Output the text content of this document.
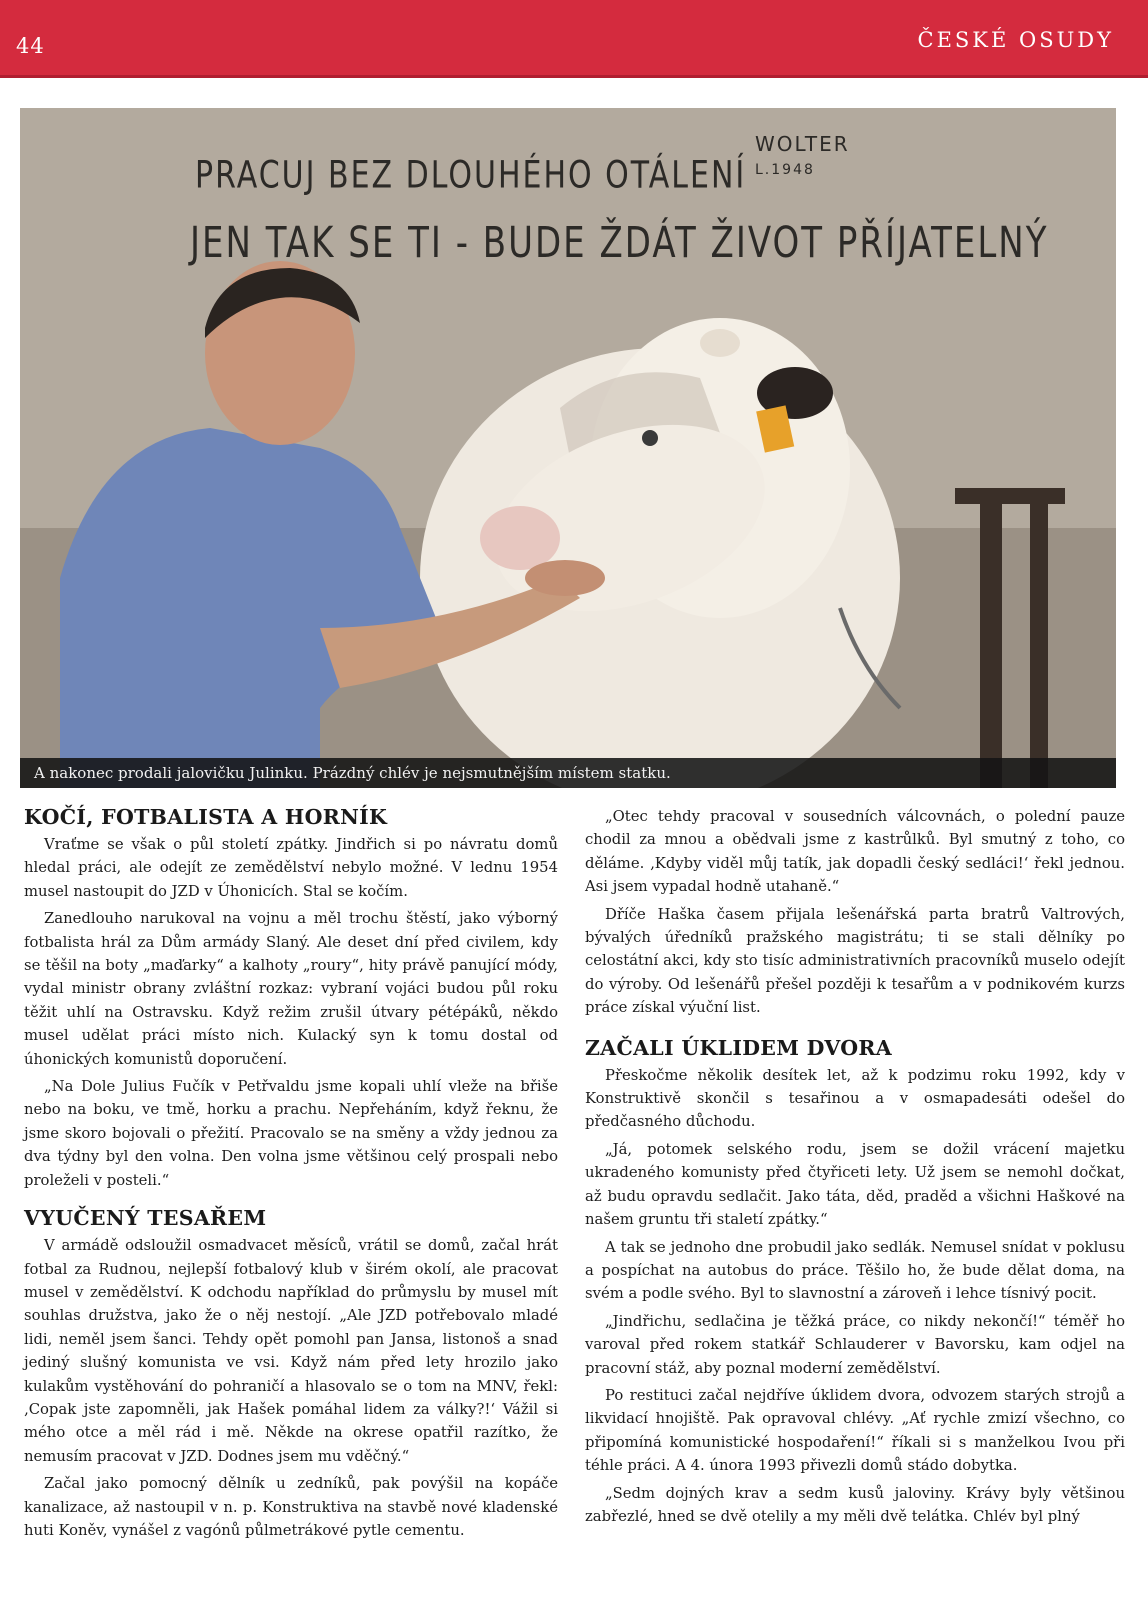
44	ČESKÉ OSUDY
PRACUJ BEZ DLOUHÉHO OTÁLENÍ
JEN TAK SE TI - BUDE ŽDÁT ŽIVOT PŘÍJATELNÝ
WOLTER
L.1948
A nakonec prodali jalovičku Julinku. Prázdný chlév je nejsmutnějším místem statku.
KOČÍ, FOTBALISTA A HORNÍK

Vraťme se však o půl století zpátky. Jindřich si po návratu domů hledal práci, ale odejít ze zemědělství nebylo možné. V lednu 1954 musel nastoupit do JZD v Úhonicích. Stal se kočím.

Zanedlouho narukoval na vojnu a měl trochu štěstí, jako výborný fotbalista hrál za Dům armády Slaný. Ale deset dní před civilem, kdy se těšil na boty „maďarky“ a kalhoty „roury“, hity právě panující módy, vydal ministr obrany zvláštní rozkaz: vybraní vojáci budou půl roku těžit uhlí na Ostravsku. Když režim zrušil útvary pétépáků, někdo musel udělat práci místo nich. Kulacký syn k tomu dostal od úhonických komunistů doporučení.

„Na Dole Julius Fučík v Petřvaldu jsme kopali uhlí vleže na břiše nebo na boku, ve tmě, horku a prachu. Nepřeháním, když řeknu, že jsme skoro bojovali o přežití. Pracovalo se na směny a vždy jednou za dva týdny byl den volna. Den volna jsme většinou celý prospali nebo proleželi v posteli.“

VYUČENÝ TESAŘEM

V armádě odsloužil osmadvacet měsíců, vrátil se domů, začal hrát fotbal za Rudnou, nejlepší fotbalový klub v širém okolí, ale pracovat musel v zemědělství. K odchodu například do průmyslu by musel mít souhlas družstva, jako že o něj nestojí. „Ale JZD potřebovalo mladé lidi, neměl jsem šanci. Tehdy opět pomohl pan Jansa, listonoš a snad jediný slušný komunista ve vsi. Když nám před lety hrozilo jako kulakům vystěhování do pohraničí a hlasovalo se o tom na MNV, řekl: ‚Copak jste zapomněli, jak Hašek pomáhal lidem za války?!‘ Vážil si mého otce a měl rád i mě. Někde na okrese opatřil razítko, že nemusím pracovat v JZD. Dodnes jsem mu vděčný.“

Začal jako pomocný dělník u zedníků, pak povýšil na kopáče kanalizace, až nastoupil v n. p. Konstruktiva na stavbě nové kladenské huti Koněv, vynášel z vagónů půlmetrákové pytle cementu.

„Otec tehdy pracoval v sousedních válcovnách, o polední pauze chodil za mnou a obědvali jsme z kastrůlků. Byl smutný z toho, co děláme. ‚Kdyby viděl můj tatík, jak dopadli český sedláci!‘ řekl jednou. Asi jsem vypadal hodně utahaně.“

Dříče Haška časem přijala lešenářská parta bratrů Valtrových, bývalých úředníků pražského magistrátu; ti se stali dělníky po celostátní akci, kdy sto tisíc administrativních pracovníků muselo odejít do výroby. Od lešenářů přešel později k tesařům a v podnikovém kurzs práce získal výuční list.

ZAČALI ÚKLIDEM DVORA

Přeskočme několik desítek let, až k podzimu roku 1992, kdy v Konstruktivě skončil s tesařinou a v osmapadesáti odešel do předčasného důchodu.

„Já, potomek selského rodu, jsem se dožil vrácení majetku ukradeného komunisty před čtyřiceti lety. Už jsem se nemohl dočkat, až budu opravdu sedlačit. Jako táta, děd, praděd a všichni Haškové na našem gruntu tři staletí zpátky.“

A tak se jednoho dne probudil jako sedlák. Nemusel snídat v poklusu a pospíchat na autobus do práce. Těšilo ho, že bude dělat doma, na svém a podle svého. Byl to slavnostní a zároveň i lehce tísnivý pocit.

„Jindřichu, sedlačina je těžká práce, co nikdy nekončí!“ téměř ho varoval před rokem statkář Schlauderer v Bavorsku, kam odjel na pracovní stáž, aby poznal moderní zemědělství.

Po restituci začal nejdříve úklidem dvora, odvozem starých strojů a likvidací hnojiště. Pak opravoval chlévy. „Ať rychle zmizí všechno, co připomíná komunistické hospodaření!“ říkali si s manželkou Ivou při téhle práci. A 4. února 1993 přivezli domů stádo dobytka.

„Sedm dojných krav a sedm kusů jaloviny. Krávy byly většinou zabřezlé, hned se dvě otelily a my měli dvě telátka. Chlév byl plný
